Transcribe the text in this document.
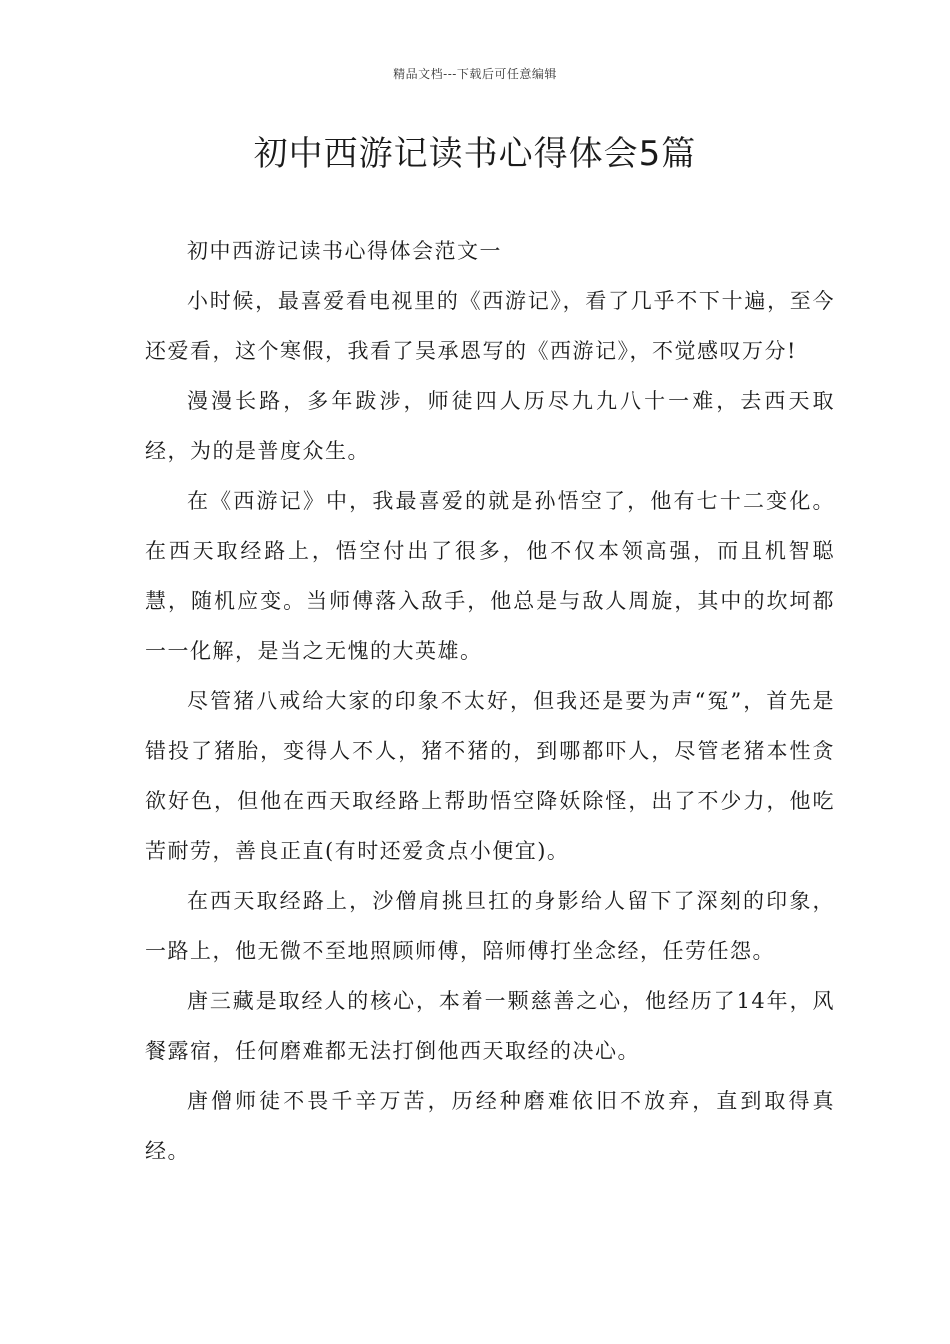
精品文档---下载后可任意编辑
初中西游记读书心得体会5篇

初中西游记读书心得体会范文一

小时候，最喜爱看电视里的《西游记》，看了几乎不下十遍，至今还爱看，这个寒假，我看了吴承恩写的《西游记》，不觉感叹万分!

漫漫长路，多年跋涉，师徒四人历尽九九八十一难，去西天取经，为的是普度众生。

在《西游记》中，我最喜爱的就是孙悟空了，他有七十二变化。在西天取经路上，悟空付出了很多，他不仅本领高强，而且机智聪慧，随机应变。当师傅落入敌手，他总是与敌人周旋，其中的坎坷都一一化解，是当之无愧的大英雄。

尽管猪八戒给大家的印象不太好，但我还是要为声“冤”，首先是错投了猪胎，变得人不人，猪不猪的，到哪都吓人，尽管老猪本性贪欲好色，但他在西天取经路上帮助悟空降妖除怪，出了不少力，他吃苦耐劳，善良正直(有时还爱贪点小便宜)。

在西天取经路上，沙僧肩挑旦扛的身影给人留下了深刻的印象，一路上，他无微不至地照顾师傅，陪师傅打坐念经，任劳任怨。

唐三藏是取经人的核心，本着一颗慈善之心，他经历了14年，风餐露宿，任何磨难都无法打倒他西天取经的决心。

唐僧师徒不畏千辛万苦，历经种磨难依旧不放弃，直到取得真经。
